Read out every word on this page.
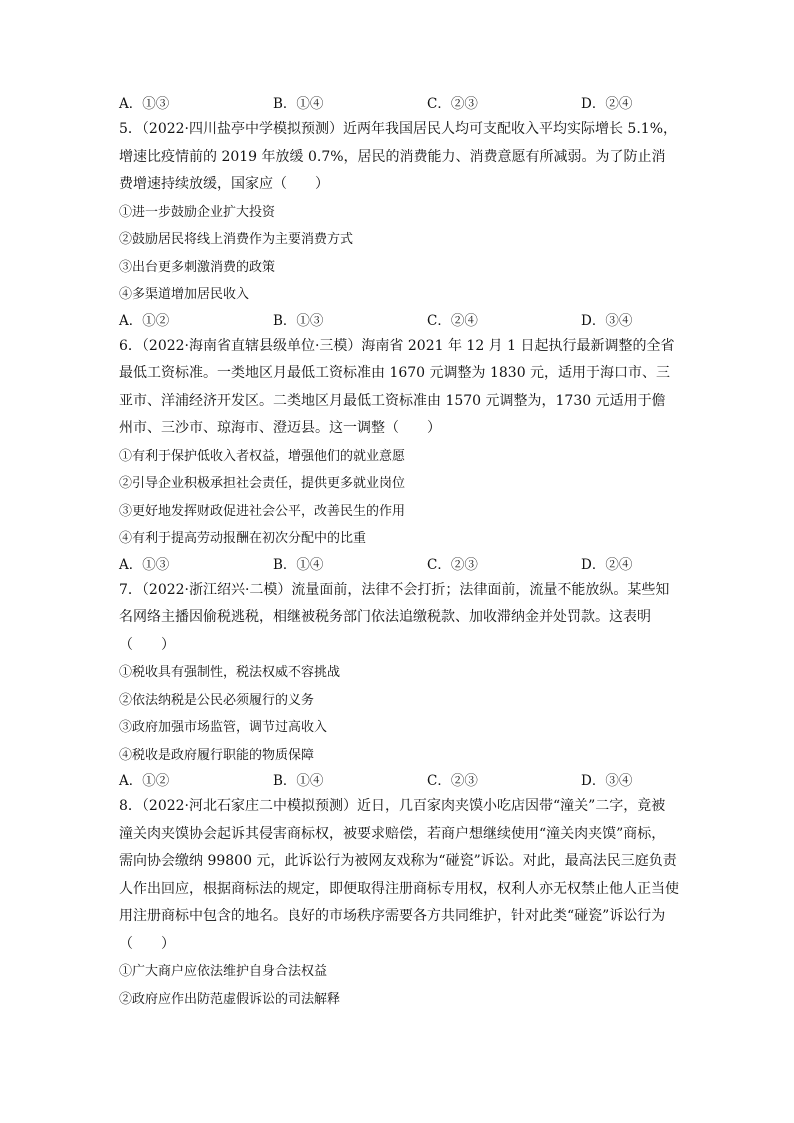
A．①③	B．①④	C．②③	D．②④

5．（2022·四川盐亭中学模拟预测）近两年我国居民人均可支配收入平均实际增长 5.1%，增速比疫情前的 2019 年放缓 0.7%，居民的消费能力、消费意愿有所减弱。为了防止消费增速持续放缓，国家应（　　）

①进一步鼓励企业扩大投资

②鼓励居民将线上消费作为主要消费方式

③出台更多刺激消费的政策

④多渠道增加居民收入

A．①②	B．①③	C．②④	D．③④

6．（2022·海南省直辖县级单位·三模）海南省 2021 年 12 月 1 日起执行最新调整的全省最低工资标准。一类地区月最低工资标准由 1670 元调整为 1830 元，适用于海口市、三亚市、洋浦经济开发区。二类地区月最低工资标准由 1570 元调整为，1730 元适用于儋州市、三沙市、琼海市、澄迈县。这一调整（　　）

①有利于保护低收入者权益，增强他们的就业意愿

②引导企业积极承担社会责任，提供更多就业岗位

③更好地发挥财政促进社会公平，改善民生的作用

④有利于提高劳动报酬在初次分配中的比重

A．①③	B．①④	C．②③	D．②④

7．（2022·浙江绍兴·二模）流量面前，法律不会打折；法律面前，流量不能放纵。某些知名网络主播因偷税逃税，相继被税务部门依法追缴税款、加收滞纳金并处罚款。这表明

（　　）

①税收具有强制性，税法权威不容挑战

②依法纳税是公民必须履行的义务

③政府加强市场监管，调节过高收入

④税收是政府履行职能的物质保障

A．①②	B．①④	C．②③	D．③④

8．（2022·河北石家庄二中模拟预测）近日，几百家肉夹馍小吃店因带“潼关”二字，竟被潼关肉夹馍协会起诉其侵害商标权，被要求赔偿，若商户想继续使用“潼关肉夹馍”商标，需向协会缴纳 99800 元，此诉讼行为被网友戏称为“碰瓷”诉讼。对此，最高法民三庭负责人作出回应，根据商标法的规定，即便取得注册商标专用权，权利人亦无权禁止他人正当使用注册商标中包含的地名。良好的市场秩序需要各方共同维护，针对此类“碰瓷”诉讼行为

（　　）

①广大商户应依法维护自身合法权益

②政府应作出防范虚假诉讼的司法解释
